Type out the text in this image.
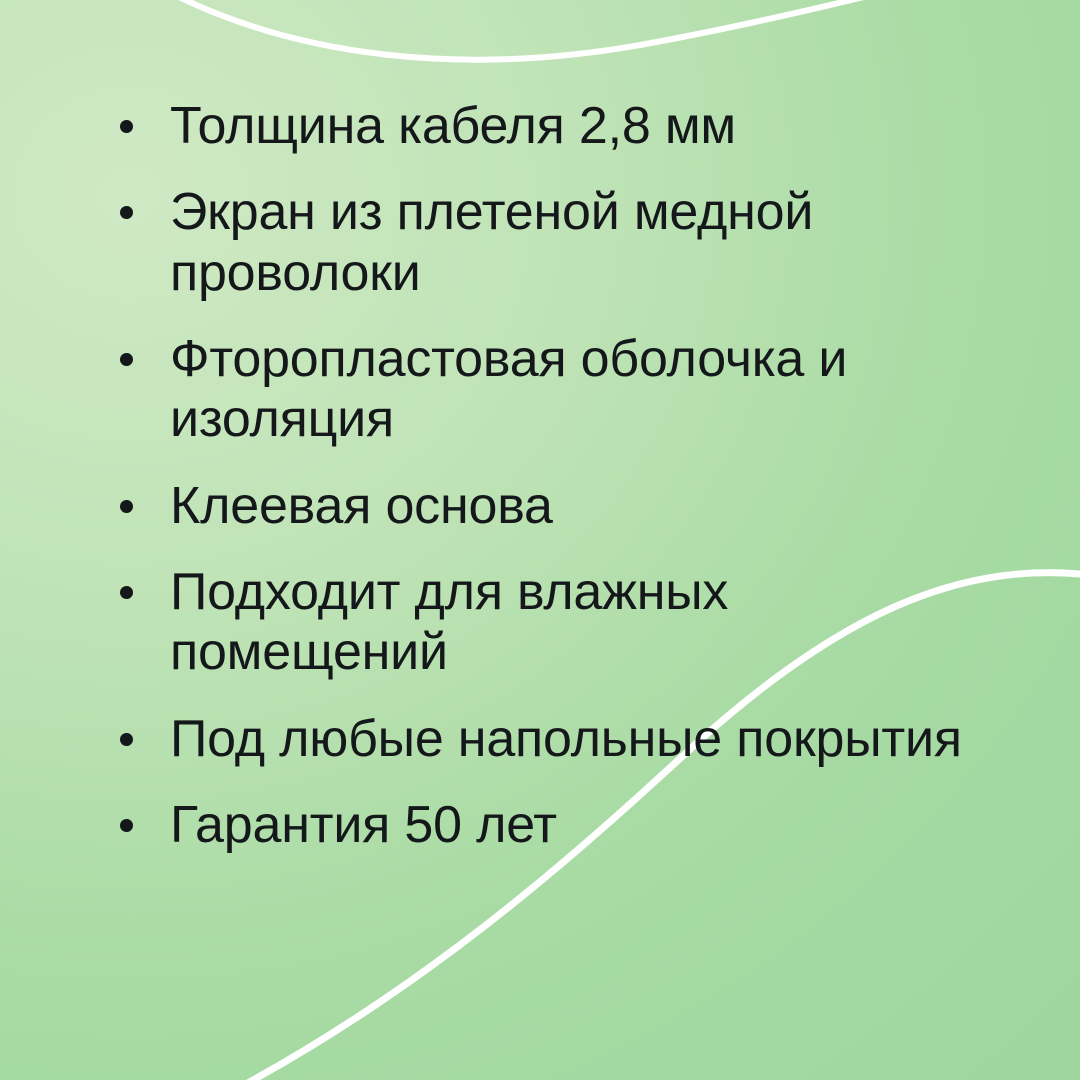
Толщина кабеля 2,8 мм
Экран из плетеной медной проволоки
Фторопластовая оболочка и изоляция
Клеевая основа
Подходит для влажных помещений
Под любые напольные покрытия
Гарантия 50 лет
